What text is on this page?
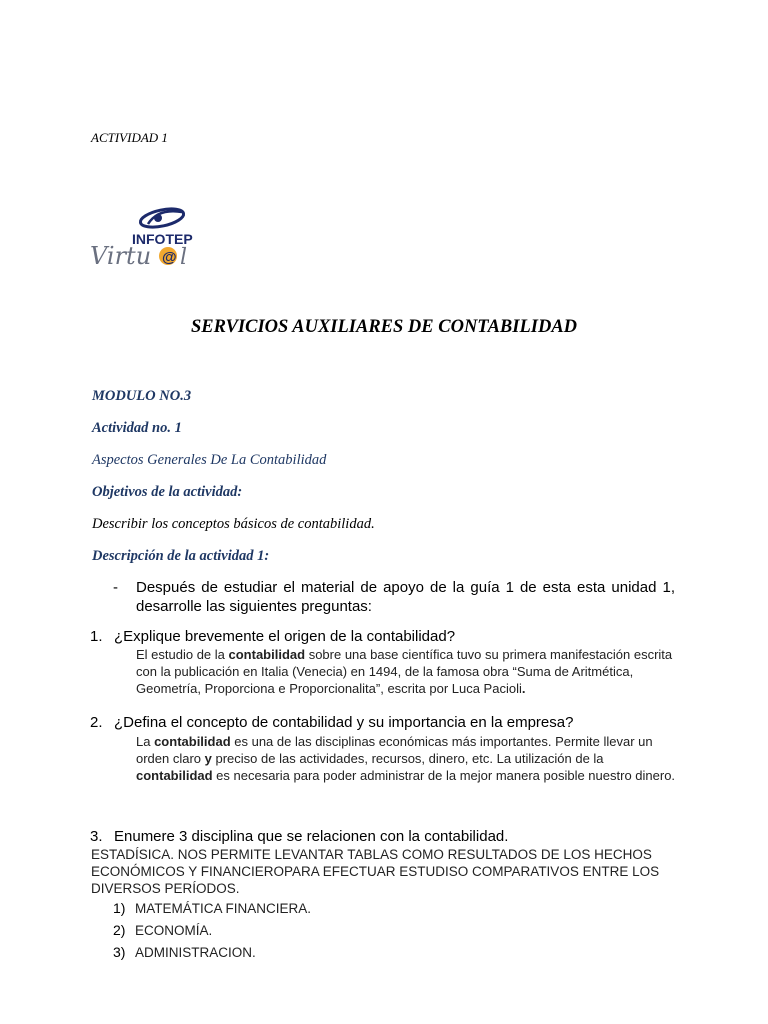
ACTIVIDAD 1
INFOTEP
Virtu @ l
SERVICIOS AUXILIARES DE CONTABILIDAD
MODULO NO.3
Actividad no. 1
Aspectos Generales De La Contabilidad
Objetivos de la actividad:
Describir los conceptos básicos de contabilidad.
Descripción de la actividad 1:
- Después de estudiar el material de apoyo de la guía 1 de esta esta unidad 1, desarrolle las siguientes preguntas:
1. ¿Explique brevemente el origen de la contabilidad?
El estudio de la contabilidad sobre una base científica tuvo su primera manifestación escrita con la publicación en Italia (Venecia) en 1494, de la famosa obra “Suma de Aritmética, Geometría, Proporciona e Proporcionalita”, escrita por Luca Pacioli.
2. ¿Defina el concepto de contabilidad y su importancia en la empresa?
La contabilidad es una de las disciplinas económicas más importantes. Permite llevar un orden claro y preciso de las actividades, recursos, dinero, etc. La utilización de la contabilidad es necesaria para poder administrar de la mejor manera posible nuestro dinero.
3. Enumere 3 disciplina que se relacionen con la contabilidad.
ESTADÍSICA. NOS PERMITE LEVANTAR TABLAS COMO RESULTADOS DE LOS HECHOS ECONÓMICOS Y FINANCIEROPARA EFECTUAR ESTUDISO COMPARATIVOS ENTRE LOS DIVERSOS PERÍODOS.
1) MATEMÁTICA FINANCIERA.
2) ECONOMÍA.
3) ADMINISTRACION.
